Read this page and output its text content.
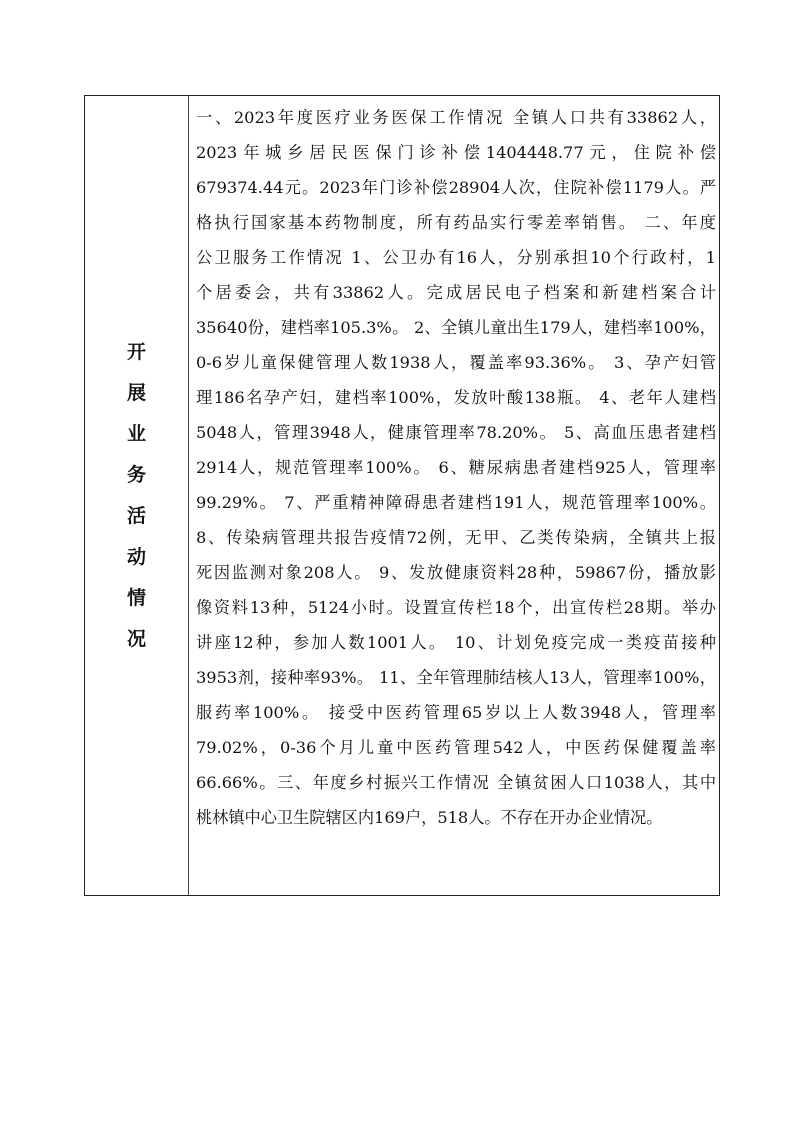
开
展
业
务
活
动
情
况
一、2023年度医疗业务医保工作情况 全镇人口共有33862人，
2023年城乡居民医保门诊补偿1404448.77元，住院补偿
679374.44元。2023年门诊补偿28904人次，住院补偿1179人。严
格执行国家基本药物制度，所有药品实行零差率销售。 二、年度
公卫服务工作情况 1、公卫办有16人，分别承担10个行政村，1
个居委会，共有33862人。完成居民电子档案和新建档案合计
35640份，建档率105.3%。 2、全镇儿童出生179人，建档率100%，
0-6岁儿童保健管理人数1938人，覆盖率93.36%。 3、孕产妇管
理186名孕产妇，建档率100%，发放叶酸138瓶。 4、老年人建档
5048人，管理3948人，健康管理率78.20%。 5、高血压患者建档
2914人，规范管理率100%。 6、糖尿病患者建档925人，管理率
99.29%。 7、严重精神障碍患者建档191人，规范管理率100%。
8、传染病管理共报告疫情72例，无甲、乙类传染病，全镇共上报
死因监测对象208人。 9、发放健康资料28种，59867份，播放影
像资料13种，5124小时。设置宣传栏18个，出宣传栏28期。举办
讲座12种，参加人数1001人。 10、计划免疫完成一类疫苗接种
3953剂，接种率93%。 11、全年管理肺结核人13人，管理率100%，
服药率100%。 接受中医药管理65岁以上人数3948人，管理率
79.02%，0-36个月儿童中医药管理542人，中医药保健覆盖率
66.66%。三、年度乡村振兴工作情况 全镇贫困人口1038人，其中
桃林镇中心卫生院辖区内169户，518人。不存在开办企业情况。
